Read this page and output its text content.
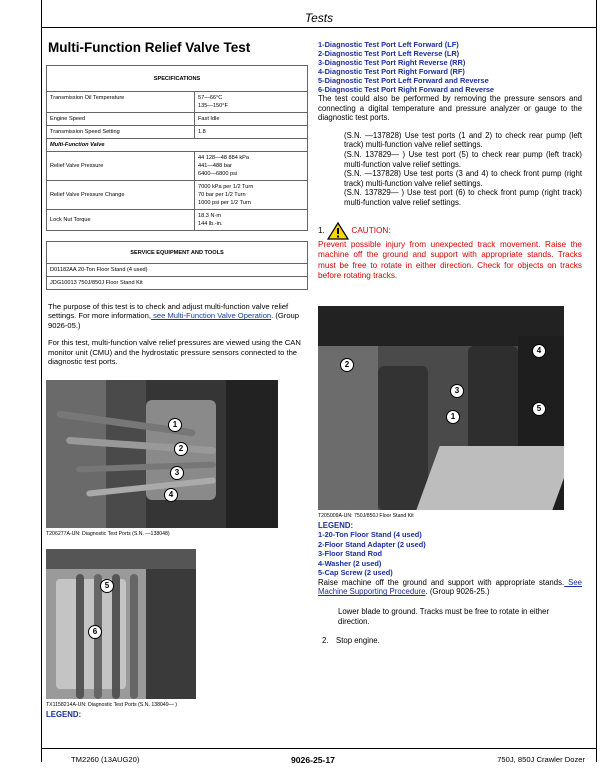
Tests
Multi-Function Relief Valve Test
SPECIFICATIONS	
Transmission Oil Temperature	57—66°C
135—150°F

Engine Speed	Fast Idle
Transmission Speed Setting	1.8
Multi-Function Valve	
Relief Valve Pressure	44 128—48 884 kPa
441—488 bar
6400—6800 psi

Relief Valve Pressure Change	7000 kPa per 1/2 Turn
70 bar per 1/2 Turn
1000 psi per 1/2 Turn

Lock Nut Torque	18.3 N·m
144 lb.-in.
SERVICE EQUIPMENT AND TOOLS
D01182AA 20-Ton Floor Stand (4 used)
JDG10013 750J/850J Floor Stand Kit
The purpose of this test is to check and adjust multi-function valve relief settings. For more information, see Multi-Function Valve Operation. (Group 9026-05.)
For this test, multi-function valve relief pressures are viewed using the CAN monitor unit (CMU) and the hydrostatic pressure sensors connected to the diagnostic test ports.
1
2
3
4
T206277A-UN: Diagnostic Test Ports (S.N. —138048)
5
6
TX1158214A-UN: Diagnostic Test Ports (S.N. 138049— )
LEGEND:
1-Diagnostic Test Port Left Forward (LF)
2-Diagnostic Test Port Left Reverse (LR)
3-Diagnostic Test Port Right Reverse (RR)
4-Diagnostic Test Port Right Forward (RF)
5-Diagnostic Test Port Left Forward and Reverse
6-Diagnostic Test Port Right Forward and Reverse
The test could also be performed by removing the pressure sensors and connecting a digital temperature and pressure analyzer or gauge to the diagnostic test ports.
(S.N. —137828) Use test ports (1 and 2) to check rear pump (left track) multi-function valve relief settings.
(S.N. 137829— ) Use test port (5) to check rear pump (left track) multi-function valve relief settings.
(S.N. —137828) Use test ports (3 and 4) to check front pump (right track) multi-function valve relief settings.
(S.N. 137829— ) Use test port (6) to check front pump (right track) multi-function valve relief settings.
1.	CAUTION:
Prevent possible injury from unexpected track movement. Raise the machine off the ground and support with appropriate stands. Tracks must be free to rotate in either direction. Check for objects on tracks before rotating tracks.
2
3
1
4
5
T205009A-UN: 750J/850J Floor Stand Kit
LEGEND:
1-20-Ton Floor Stand (4 used)
2-Floor Stand Adapter (2 used)
3-Floor Stand Rod
4-Washer (2 used)
5-Cap Screw (2 used)
Raise machine off the ground and support with appropriate stands. See Machine Supporting Procedure. (Group 9026-25.)
Lower blade to ground. Tracks must be free to rotate in either direction.
2. Stop engine.
TM2260 (13AUG20)	9026-25-17	750J, 850J Crawler Dozer
